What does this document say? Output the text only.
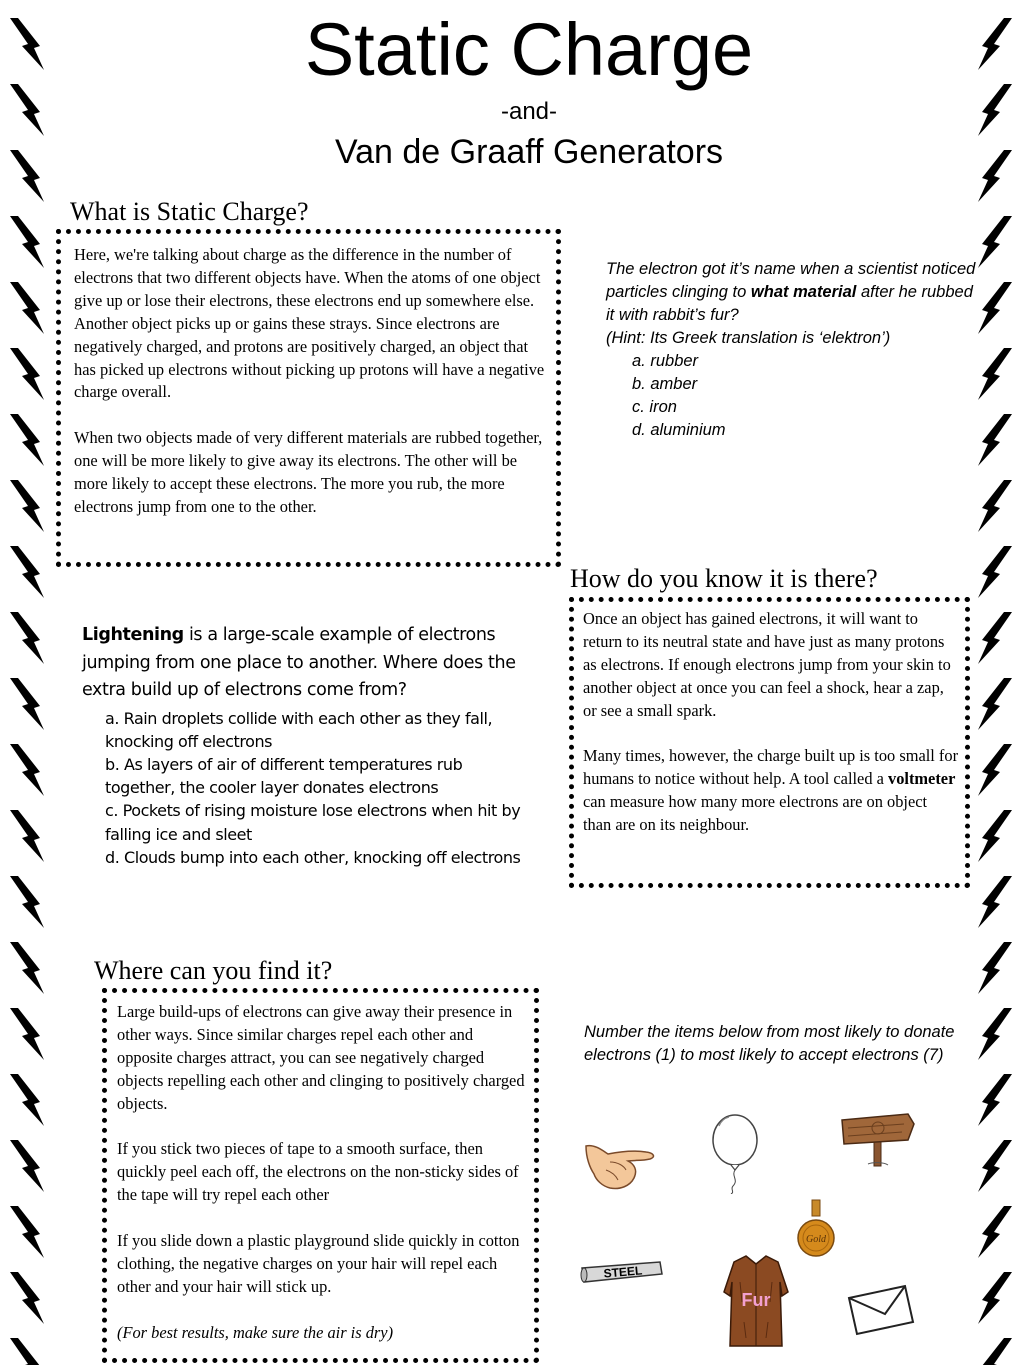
Static Charge
-and-
Van de Graaff Generators
What is Static Charge?

Here, we're talking about charge as the difference in the number of electrons that two different objects have. When the atoms of one object give up or lose their electrons, these electrons end up somewhere else. Another object picks up or gains these strays. Since electrons are negatively charged, and protons are positively charged, an object that has picked up electrons without picking up protons will have a negative charge overall.

When two objects made of very different materials are rubbed together, one will be more likely to give away its electrons. The other will be more likely to accept these electrons. The more you rub, the more electrons jump from one to the other.

The electron got it’s name when a scientist noticed particles clinging to what material after he rubbed it with rabbit’s fur?
(Hint: Its Greek translation is ‘elektron’)
a. rubber
b. amber
c. iron
d. aluminium
How do you know it is there?

Once an object has gained electrons, it will want to return to its neutral state and have just as many protons as electrons. If enough electrons jump from your skin to another object at once you can feel a shock, hear a zap, or see a small spark.

Many times, however, the charge built up is too small for humans to notice without help. A tool called a voltmeter can measure how many more electrons are on object than are on its neighbour.

Lightening is a large-scale example of electrons jumping from one place to another. Where does the extra build up of electrons come from?
a. Rain droplets collide with each other as they fall, knocking off electrons
b. As layers of air of different temperatures rub together, the cooler layer donates electrons
c. Pockets of rising moisture lose electrons when hit by falling ice and sleet
d. Clouds bump into each other, knocking off electrons
Where can you find it?

Large build-ups of electrons can give away their presence in other ways. Since similar charges repel each other and opposite charges attract, you can see negatively charged objects repelling each other and clinging to positively charged objects.

If you stick two pieces of tape to a smooth surface, then quickly peel each off, the electrons on the non-sticky sides of the tape will try repel each other

If you slide down a plastic playground slide quickly in cotton clothing, the negative charges on your hair will repel each other and your hair will stick up.

(For best results, make sure the air is dry)

Number the items below from most likely to donate electrons (1) to most likely to accept electrons (7)
Gold
STEEL
Fur
